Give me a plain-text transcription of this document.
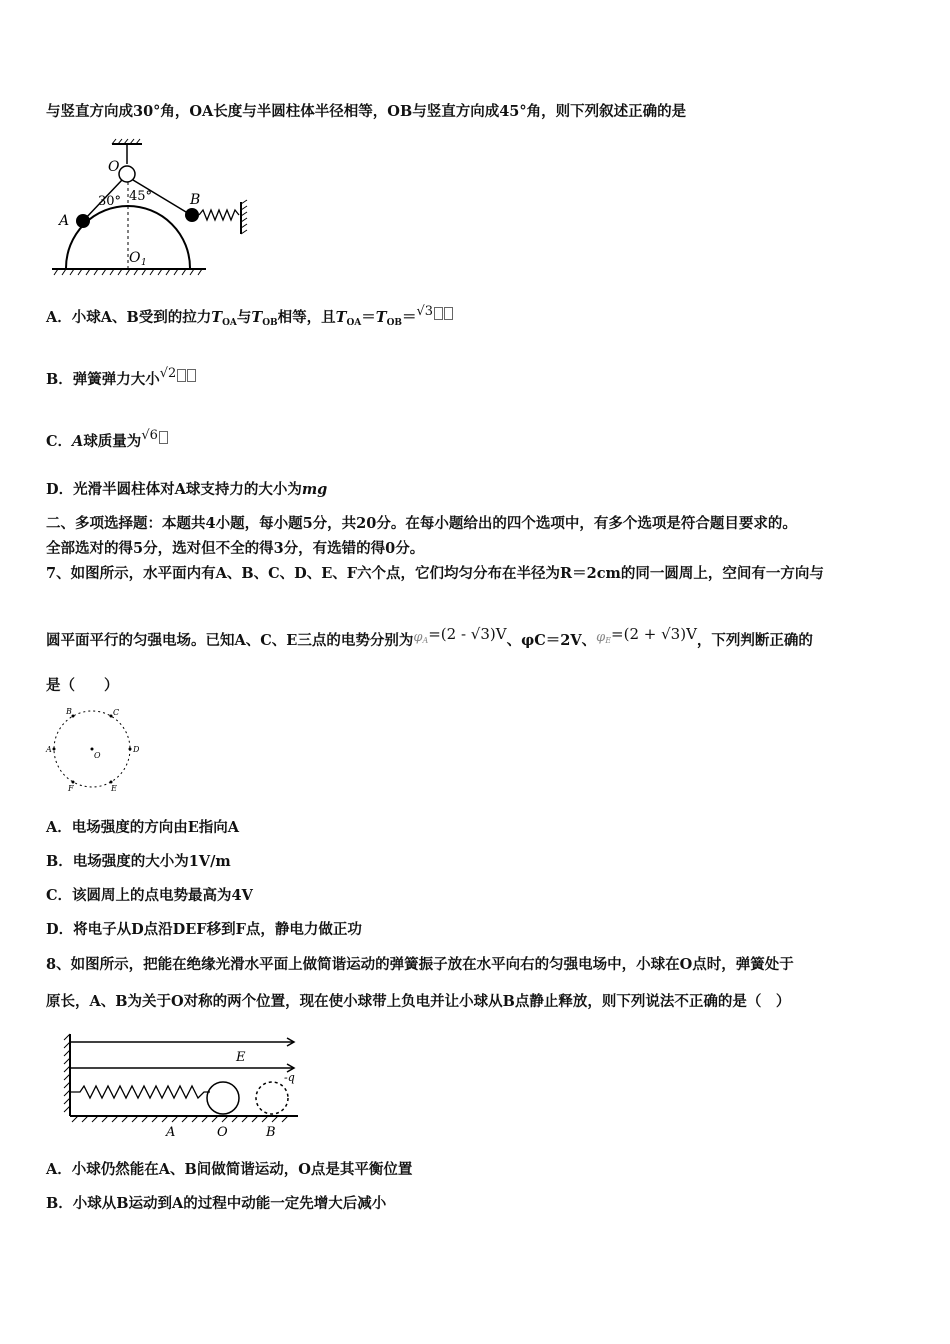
与竖直方向成30°角，OA长度与半圆柱体半径相等，OB与竖直方向成45°角，则下列叙述正确的是
O
A
B
O 1
30° 45°
A．小球A、B受到的拉力$T_{OA}$与$T_{OB}$相等，且$T_{OA}=T_{OB}=√3$
B．弹簧弹力大小√2
C．A球质量为√6
D．光滑半圆柱体对A球支持力的大小为mg
二、多项选择题：本题共4小题，每小题5分，共20分。在每小题给出的四个选项中，有多个选项是符合题目要求的。
全部选对的得5分，选对但不全的得3分，有选错的得0分。
7、如图所示，水平面内有A、B、C、D、E、F六个点，它们均匀分布在半径为R＝2cm的同一圆周上，空间有一方向与
圆平面平行的匀强电场。已知A、C、E三点的电势分别为φA=(2 - √3)V、φC＝2V、φE=(2 + √3)V，下列判断正确的
是（　　）
B	C
A	D
F	E
O
A．电场强度的方向由E指向A
B．电场强度的大小为1V/m
C．该圆周上的点电势最高为4V
D．将电子从D点沿DEF移到F点，静电力做正功
8、如图所示，把能在绝缘光滑水平面上做简谐运动的弹簧振子放在水平向右的匀强电场中，小球在O点时，弹簧处于
原长，A、B为关于O对称的两个位置，现在使小球带上负电并让小球从B点静止释放，则下列说法不正确的是（　）
E
-q
A	O	B
A．小球仍然能在A、B间做简谐运动，O点是其平衡位置
B．小球从B运动到A的过程中动能一定先增大后减小
